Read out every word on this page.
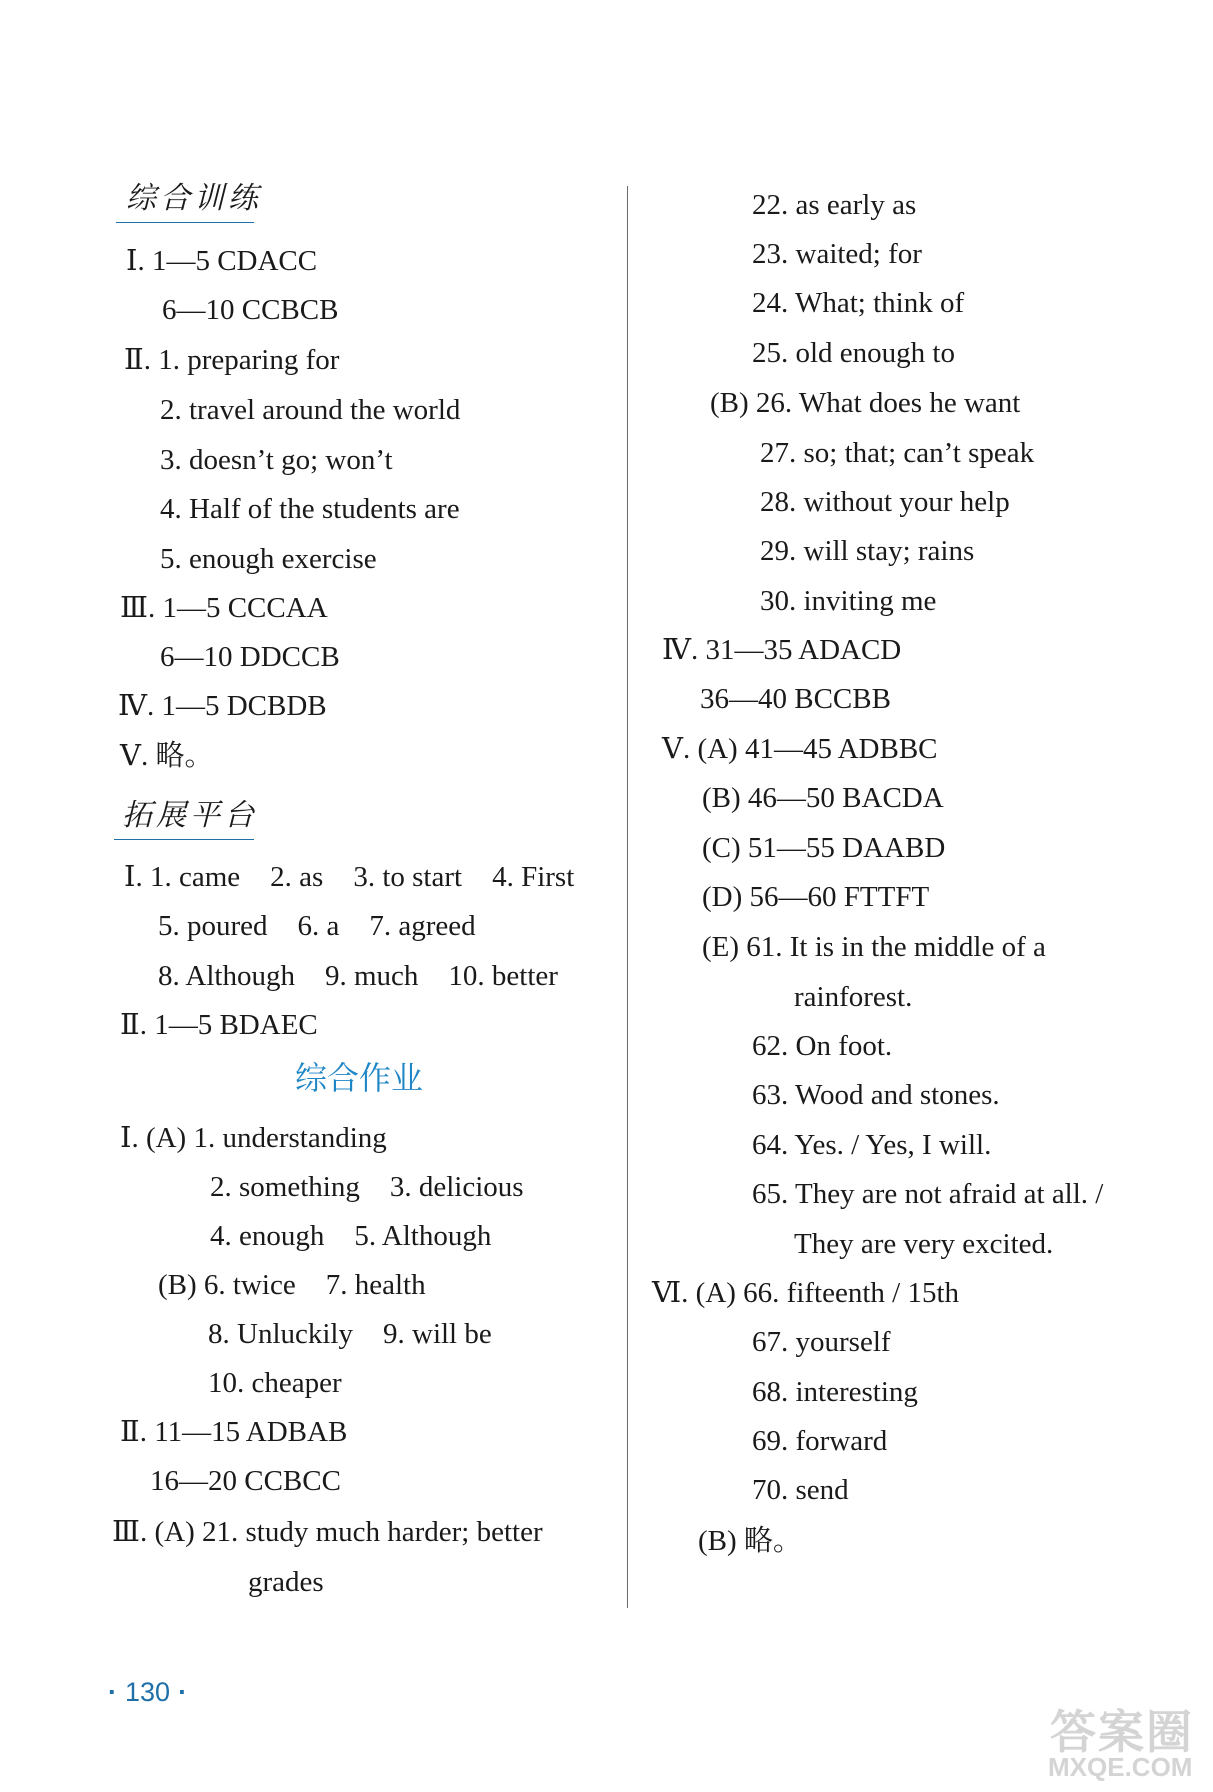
综合训练
Ⅰ. 1—5 CDACC
6—10 CCBCB
Ⅱ. 1. preparing for
2. travel around the world
3. doesn’t go; won’t
4. Half of the students are
5. enough exercise
Ⅲ. 1—5 CCCAA
6—10 DDCCB
Ⅳ. 1—5 DCBDB
Ⅴ. 略。
拓展平台
Ⅰ. 1. came 2. as 3. to start 4. First
5. poured 6. a 7. agreed
8. Although 9. much 10. better
Ⅱ. 1—5 BDAEC
综合作业
Ⅰ. (A) 1. understanding
2. something 3. delicious
4. enough 5. Although
(B) 6. twice 7. health
8. Unluckily 9. will be
10. cheaper
Ⅱ. 11—15 ADBAB
16—20 CCBCC
Ⅲ. (A) 21. study much harder; better
grades
22. as early as
23. waited; for
24. What; think of
25. old enough to
(B) 26. What does he want
27. so; that; can’t speak
28. without your help
29. will stay; rains
30. inviting me
Ⅳ. 31—35 ADACD
36—40 BCCBB
Ⅴ. (A) 41—45 ADBBC
(B) 46—50 BACDA
(C) 51—55 DAABD
(D) 56—60 FTTFT
(E) 61. It is in the middle of a
rainforest.
62. On foot.
63. Wood and stones.
64. Yes. / Yes, I will.
65. They are not afraid at all. /
They are very excited.
Ⅵ. (A) 66. fifteenth / 15th
67. yourself
68. interesting
69. forward
70. send
(B) 略。
· 130 ·
答案圈
MXQE.COM
